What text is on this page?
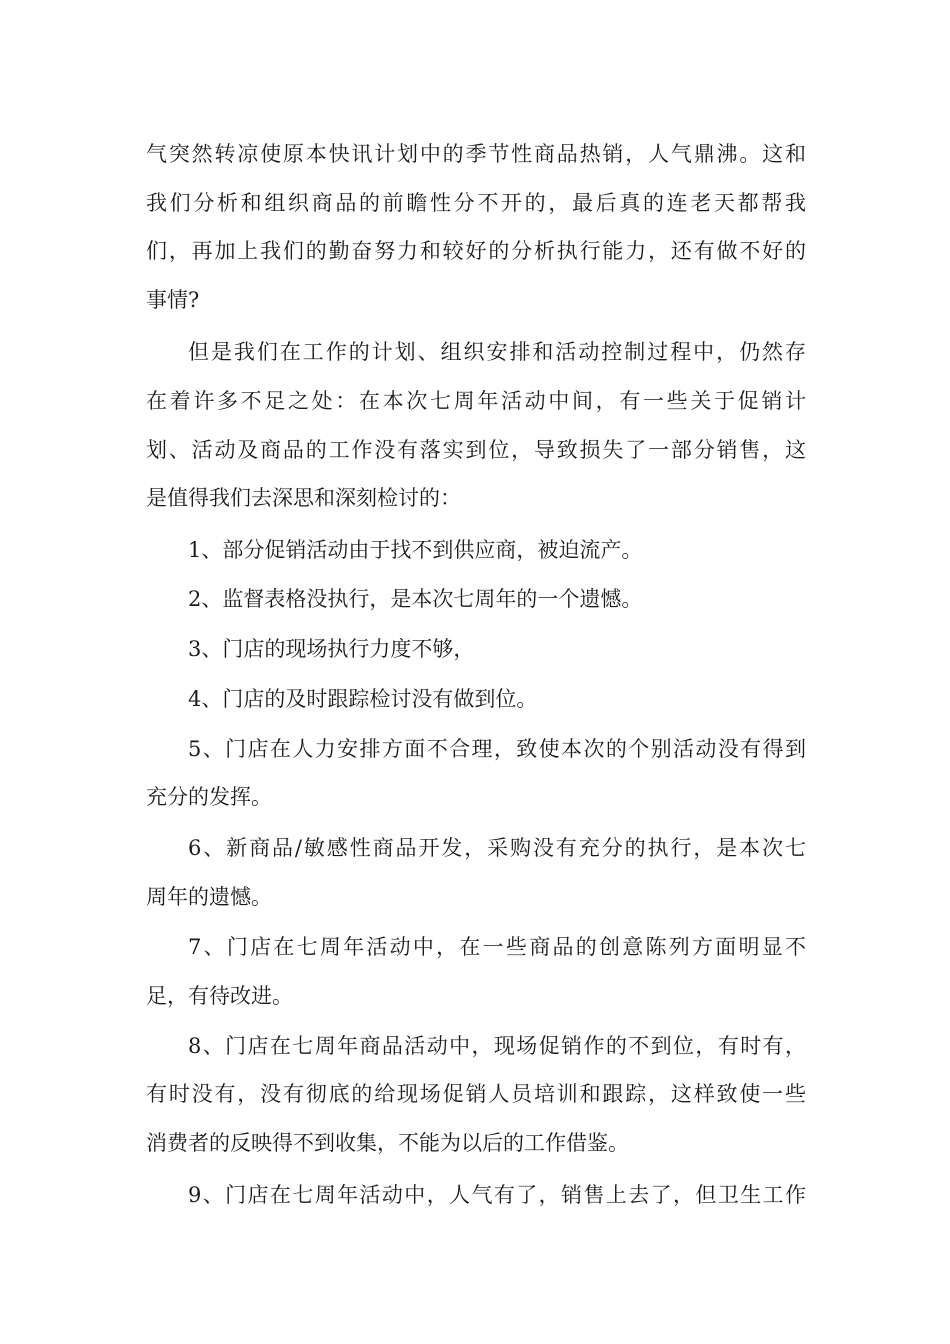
气突然转凉使原本快讯计划中的季节性商品热销，人气鼎沸。这和
我们分析和组织商品的前瞻性分不开的，最后真的连老天都帮我
们，再加上我们的勤奋努力和较好的分析执行能力，还有做不好的
事情?
但是我们在工作的计划、组织安排和活动控制过程中，仍然存
在着许多不足之处：在本次七周年活动中间，有一些关于促销计
划、活动及商品的工作没有落实到位，导致损失了一部分销售，这
是值得我们去深思和深刻检讨的：
1、部分促销活动由于找不到供应商，被迫流产。
2、监督表格没执行，是本次七周年的一个遗憾。
3、门店的现场执行力度不够，
4、门店的及时跟踪检讨没有做到位。
5、门店在人力安排方面不合理，致使本次的个别活动没有得到
充分的发挥。
6、新商品/敏感性商品开发，采购没有充分的执行，是本次七
周年的遗憾。
7、门店在七周年活动中，在一些商品的创意陈列方面明显不
足，有待改进。
8、门店在七周年商品活动中，现场促销作的不到位，有时有，
有时没有，没有彻底的给现场促销人员培训和跟踪，这样致使一些
消费者的反映得不到收集，不能为以后的工作借鉴。
9、门店在七周年活动中，人气有了，销售上去了，但卫生工作
